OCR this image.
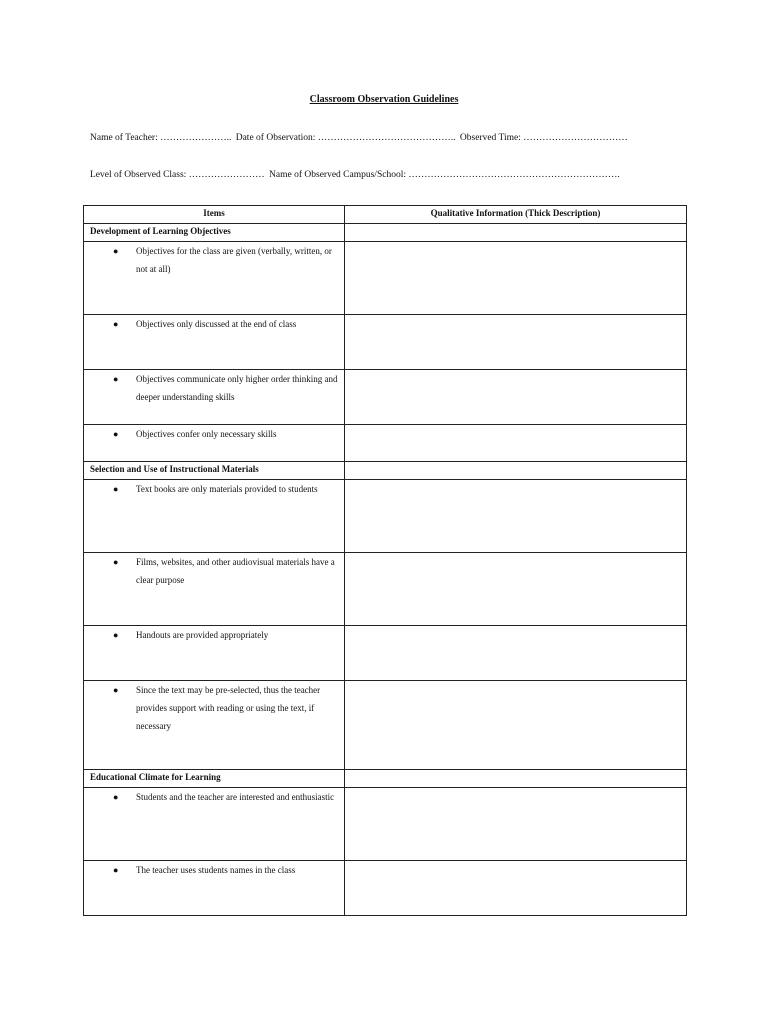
Classroom Observation Guidelines
Name of Teacher: ………………….. Date of Observation: …………………………………….. Observed Time: ……………………………
Level of Observed Class: …………………… Name of Observed Campus/School: ………………………………………………………….
Items	Qualitative Information (Thick Description)
Development of Learning Objectives	

● Objectives for the class are given (verbally, written, or not at all)	

● Objectives only discussed at the end of class	

● Objectives communicate only higher order thinking and deeper understanding skills	

● Objectives confer only necessary skills	

Selection and Use of Instructional Materials	

● Text books are only materials provided to students	

● Films, websites, and other audiovisual materials have a clear purpose	

● Handouts are provided appropriately	

● Since the text may be pre-selected, thus the teacher provides support with reading or using the text, if necessary	

Educational Climate for Learning	

● Students and the teacher are interested and enthusiastic	

● The teacher uses students names in the class	
